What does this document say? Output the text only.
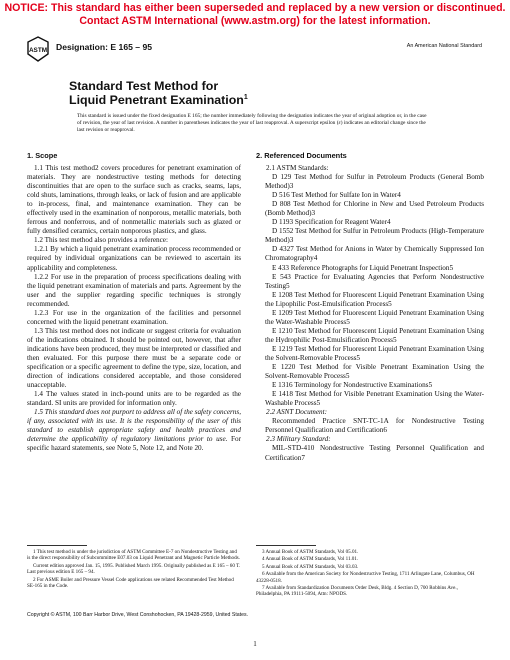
NOTICE: This standard has either been superseded and replaced by a new version or discontinued.
Contact ASTM International (www.astm.org) for the latest information.
ASTM Designation: E 165 – 95	An American National Standard
Standard Test Method for
Liquid Penetrant Examination$^1$
This standard is issued under the fixed designation E 165; the number immediately following the designation indicates the year of original adoption or, in the case of revision, the year of last revision. A number in parentheses indicates the year of last reapproval. A superscript epsilon (ε) indicates an editorial change since the last revision or reapproval.
1. Scope

1.1 This test method2 covers procedures for penetrant examination of materials. They are nondestructive testing methods for detecting discontinuities that are open to the surface such as cracks, seams, laps, cold shuts, laminations, through leaks, or lack of fusion and are applicable to in-process, final, and maintenance examination. They can be effectively used in the examination of nonporous, metallic materials, both ferrous and nonferrous, and of nonmetallic materials such as glazed or fully densified ceramics, certain nonporous plastics, and glass.

1.2 This test method also provides a reference:

1.2.1 By which a liquid penetrant examination process recommended or required by individual organizations can be reviewed to ascertain its applicability and completeness.

1.2.2 For use in the preparation of process specifications dealing with the liquid penetrant examination of materials and parts. Agreement by the user and the supplier regarding specific techniques is strongly recommended.

1.2.3 For use in the organization of the facilities and personnel concerned with the liquid penetrant examination.

1.3 This test method does not indicate or suggest criteria for evaluation of the indications obtained. It should be pointed out, however, that after indications have been produced, they must be interpreted or classified and then evaluated. For this purpose there must be a separate code or specification or a specific agreement to define the type, size, location, and direction of indications considered acceptable, and those considered unacceptable.

1.4 The values stated in inch-pound units are to be regarded as the standard. SI units are provided for information only.

1.5 This standard does not purport to address all of the safety concerns, if any, associated with its use. It is the responsibility of the user of this standard to establish appropriate safety and health practices and determine the applicability of regulatory limitations prior to use. For specific hazard statements, see Note 5, Note 12, and Note 20.

2. Referenced Documents

2.1 ASTM Standards:

D 129 Test Method for Sulfur in Petroleum Products (General Bomb Method)3

D 516 Test Method for Sulfate Ion in Water4

D 808 Test Method for Chlorine in New and Used Petroleum Products (Bomb Method)3

D 1193 Specification for Reagent Water4

D 1552 Test Method for Sulfur in Petroleum Products (High-Temperature Method)3

D 4327 Test Method for Anions in Water by Chemically Suppressed Ion Chromatography4

E 433 Reference Photographs for Liquid Penetrant Inspection5

E 543 Practice for Evaluating Agencies that Perform Nondestructive Testing5

E 1208 Test Method for Fluorescent Liquid Penetrant Examination Using the Lipophilic Post-Emulsification Process5

E 1209 Test Method for Fluorescent Liquid Penetrant Examination Using the Water-Washable Process5

E 1210 Test Method for Fluorescent Liquid Penetrant Examination Using the Hydrophilic Post-Emulsification Process5

E 1219 Test Method for Fluorescent Liquid Penetrant Examination Using the Solvent-Removable Process5

E 1220 Test Method for Visible Penetrant Examination Using the Solvent-Removable Process5

E 1316 Terminology for Nondestructive Examinations5

E 1418 Test Method for Visible Penetrant Examination Using the Water-Washable Process5

2.2 ASNT Document:

Recommended Practice SNT-TC-1A for Nondestructive Testing Personnel Qualification and Certification6

2.3 Military Standard:

MIL-STD-410 Nondestructive Testing Personnel Qualification and Certification7

1 This test method is under the jurisdiction of ASTM Committee E-7 on Nondestructive Testing and is the direct responsibility of Subcommittee E07.03 on Liquid Penetrant and Magnetic Particle Methods.

Current edition approved Jan. 15, 1995. Published March 1995. Originally published as E 165 – 60 T. Last previous edition E 165 – 94.

2 For ASME Boiler and Pressure Vessel Code applications see related Recommended Test Method SE-165 in the Code.

3 Annual Book of ASTM Standards, Vol 05.01.

4 Annual Book of ASTM Standards, Vol 11.01.

5 Annual Book of ASTM Standards, Vol 03.03.

6 Available from the American Society for Nondestructive Testing, 1711 Arlingate Lane, Columbus, OH 43228-0518.

7 Available from Standardization Documents Order Desk, Bldg. 4 Section D, 700 Robbins Ave., Philadelphia, PA 19111-5094, Attn: NPODS.

Copyright © ASTM, 100 Barr Harbor Drive, West Conshohocken, PA 19428-2959, United States.
1
